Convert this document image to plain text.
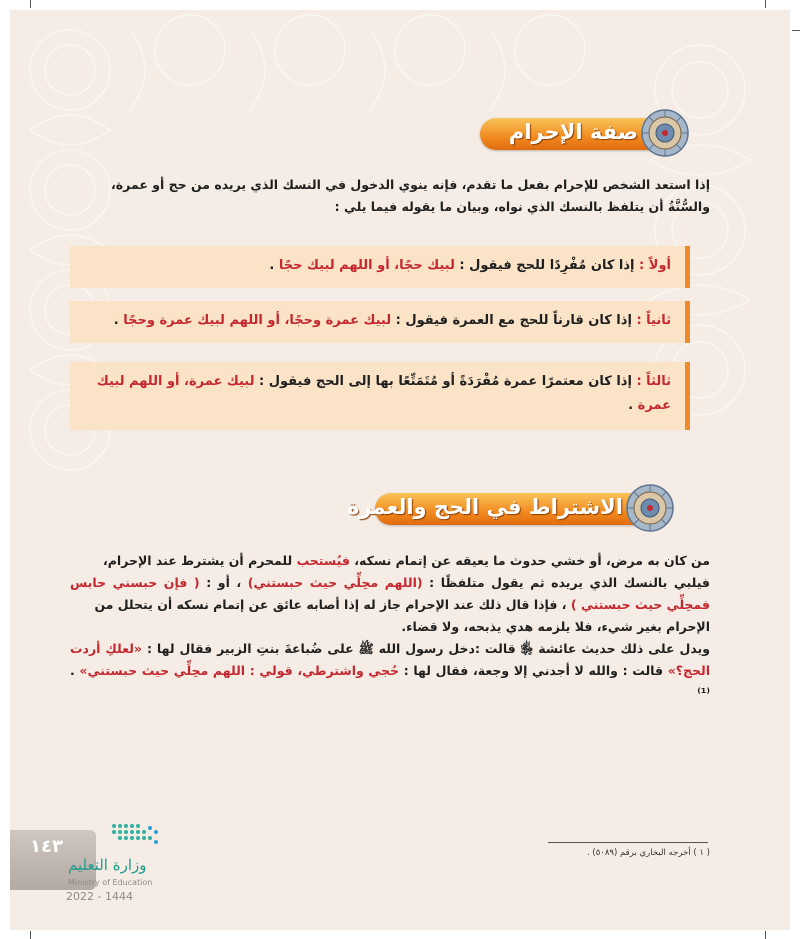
صفة الإحرام
إذا استعد الشخص للإحرام بفعل ما تقدم، فإنه ينوي الدخول في النسك الذي يريده من حج أو عمرة،
والسُّنَّةُ أن يتلفظ بالنسك الذي نواه، وبيان ما يقوله فيما يلي :
أولاً : إذا كان مُفْرِدًا للحج فيقول : لبيك حجًا، أو اللهم لبيك حجًا .
ثانياً : إذا كان قارناً للحج مع العمرة فيقول : لبيك عمرة وحجًا، أو اللهم لبيك عمرة وحجًا .
ثالثاً : إذا كان معتمرًا عمرة مُفْرَدَةً أو مُتَمَتِّعًا بها إلى الحج فيقول : لبيك عمرة، أو اللهم لبيك عمرة .
الاشتراط في الحج والعمرة
من كان به مرض، أو خشي حدوث ما يعيقه عن إتمام نسكه، فيُستحب للمحرم أن يشترط عند الإحرام،
فيلبي بالنسك الذي يريده ثم يقول متلفظًا : (اللهم محِلِّي حيث حبستني) ، أو : ( فإن حبسني حابس فمحِلِّي حيث حبستني ) ، فإذا قال ذلك عند الإحرام جاز له إذا أصابه عائق عن إتمام نسكه أن يتحلل من
الإحرام بغير شيء، فلا يلزمه هدي يذبحه، ولا قضاء.
ويدل على ذلك حديث عائشة ﵂ قالت :دخل رسول الله ﷺ على ضُباعةَ بنتِ الزبير فقال لها : «لعلكِ أردت الحج؟» قالت : والله لا أجدني إلا وجعة، فقال لها : حُجي واشترطي، قولي : اللهم محِلِّي حيث حبستني» . ⁽¹⁾
( ١ ) أخرجه البخاري برقم (٥٠٨٩) .
١٤٣
وزارة التعليم
Ministry of Education
2022 - 1444
